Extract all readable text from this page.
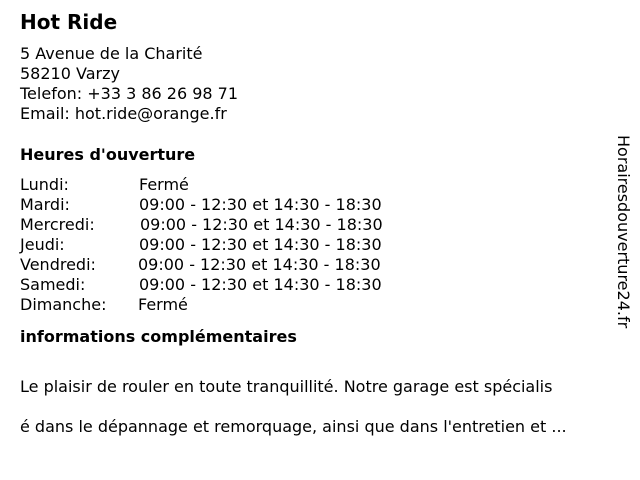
Hot Ride
5 Avenue de la Charité
58210 Varzy
Telefon: +33 3 86 26 98 71
Email: hot.ride@orange.fr
Heures d'ouverture
Lundi:	Fermé
Mardi:	09:00 - 12:30 et 14:30 - 18:30
Mercredi:	09:00 - 12:30 et 14:30 - 18:30
Jeudi:	09:00 - 12:30 et 14:30 - 18:30
Vendredi:	09:00 - 12:30 et 14:30 - 18:30
Samedi:	09:00 - 12:30 et 14:30 - 18:30
Dimanche:	Fermé
informations complémentaires

Le plaisir de rouler en toute tranquillité. Notre garage est spécialis

é dans le dépannage et remorquage, ainsi que dans l'entretien et ...

Horairesdouverture24.fr
